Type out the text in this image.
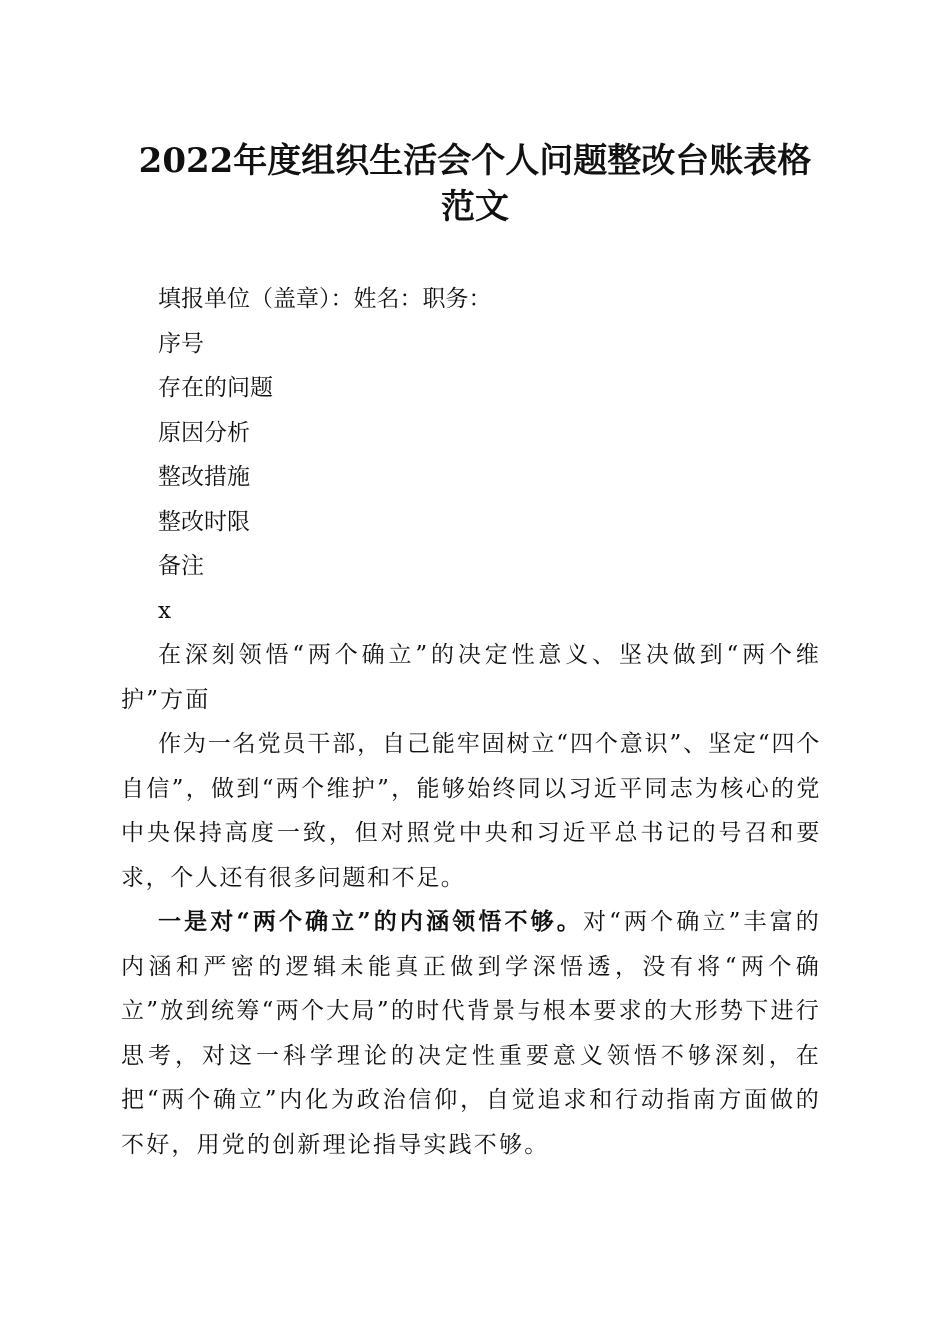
2022年度组织生活会个人问题整改台账表格
范文

填报单位（盖章）：姓名：职务：

序号

存在的问题

原因分析

整改措施

整改时限

备注

x

在深刻领悟“两个确立”的决定性意义、坚决做到“两个维护”方面

作为一名党员干部，自己能牢固树立“四个意识”、坚定“四个自信”，做到“两个维护”，能够始终同以习近平同志为核心的党中央保持高度一致，但对照党中央和习近平总书记的号召和要求，个人还有很多问题和不足。

一是对“两个确立”的内涵领悟不够。对“两个确立”丰富的内涵和严密的逻辑未能真正做到学深悟透，没有将“两个确立”放到统筹“两个大局”的时代背景与根本要求的大形势下进行思考，对这一科学理论的决定性重要意义领悟不够深刻，在把“两个确立”内化为政治信仰，自觉追求和行动指南方面做的不好，用党的创新理论指导实践不够。
